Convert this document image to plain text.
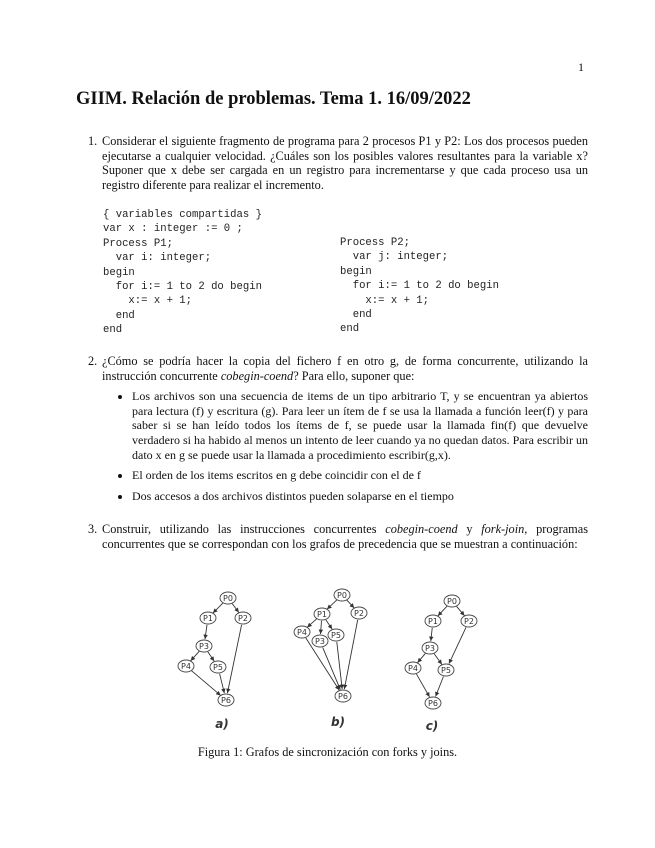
1
GIIM. Relación de problemas. Tema 1. 16/09/2022
1. Considerar el siguiente fragmento de programa para 2 procesos P1 y P2: Los dos procesos pueden ejecutarse a cualquier velocidad. ¿Cuáles son los posibles valores resultantes para la variable x? Suponer que x debe ser cargada en un registro para incrementarse y que cada proceso usa un registro diferente para realizar el incremento.
{ variables compartidas }
var x : integer := 0 ;
Process P1;
var i: integer;
begin
for i:= 1 to 2 do begin
x:= x + 1;
end
end
Process P2;
var j: integer;
begin
for i:= 1 to 2 do begin
x:= x + 1;
end
end
2. ¿Cómo se podría hacer la copia del fichero f en otro g, de forma concurrente, utilizando la instrucción concurrente cobegin-coend? Para ello, suponer que:
• Los archivos son una secuencia de items de un tipo arbitrario T, y se encuentran ya abiertos para lectura (f) y escritura (g). Para leer un ítem de f se usa la llamada a función leer(f) y para saber si se han leído todos los ítems de f, se puede usar la llamada fin(f) que devuelve verdadero si ha habido al menos un intento de leer cuando ya no quedan datos. Para escribir un dato x en g se puede usar la llamada a procedimiento escribir(g,x).
• El orden de los items escritos en g debe coincidir con el de f
• Dos accesos a dos archivos distintos pueden solaparse en el tiempo
3. Construir, utilizando las instrucciones concurrentes cobegin-coend y fork-join, programas concurrentes que se correspondan con los grafos de precedencia que se muestran a continuación:
P0
P1	P2
P3
P4	P5
P6
a)
P0
P1	P2
P4
P3
P5
P6
b)
P0
P1	P2
P3
P4	P5
P6
c)
Figura 1: Grafos de sincronización con forks y joins.
